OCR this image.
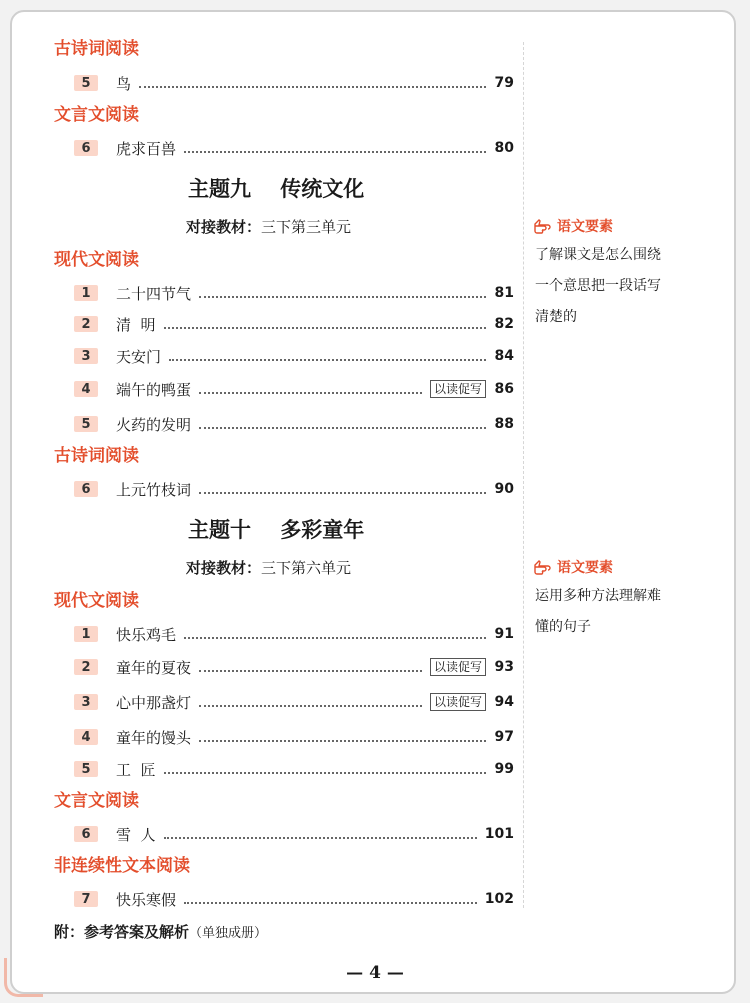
古诗词阅读
5	鸟	79
文言文阅读
6	虎求百兽	80
主题九    传统文化
对接教材：三下第三单元	语文要素
了解课文是怎么围绕
一个意思把一段话写
清楚的
现代文阅读
1	二十四节气	81
2	清  明	82
3	天安门	84
4	端午的鸭蛋	以读促写 86
5	火药的发明	88
古诗词阅读
6	上元竹枝词	90
主题十    多彩童年
对接教材：三下第六单元	语文要素
运用多种方法理解难
懂的句子
现代文阅读
1	快乐鸡毛	91
2	童年的夏夜	以读促写 93
3	心中那盏灯	以读促写 94
4	童年的馒头	97
5	工  匠	99
文言文阅读
6	雪  人	101
非连续性文本阅读
7	快乐寒假	102
附：参考答案及解析（单独成册）
— 4 —
